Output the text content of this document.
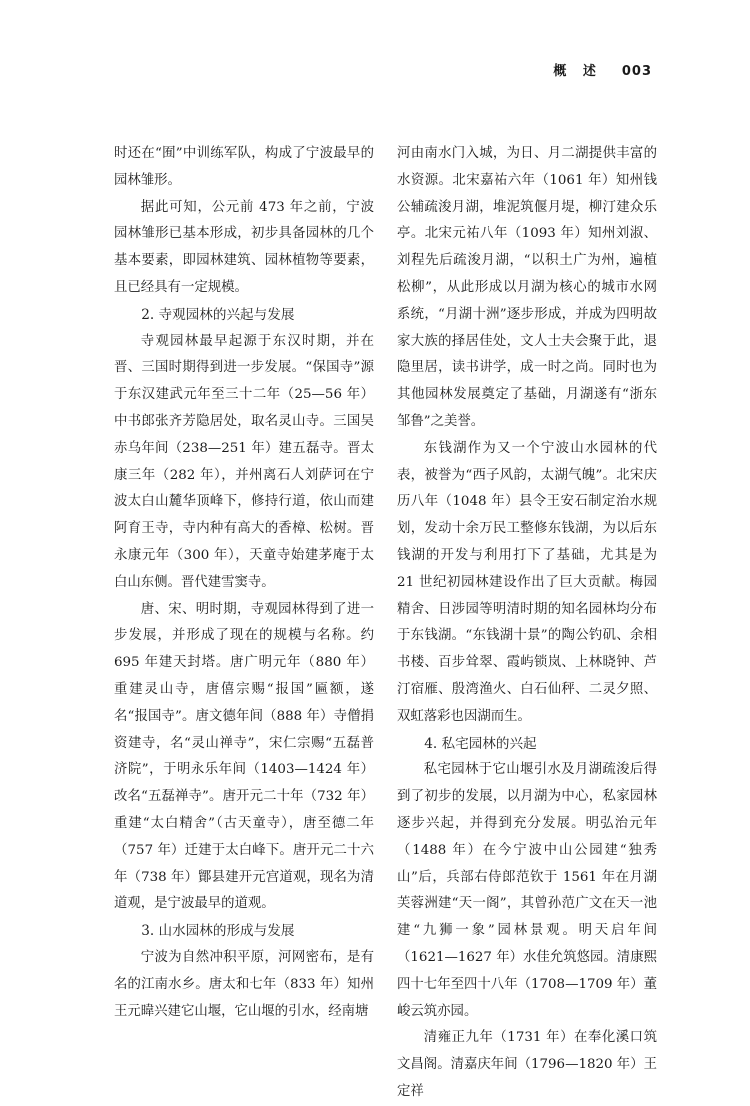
概 述 003

时还在“囿”中训练军队，构成了宁波最早的园林雏形。

据此可知，公元前 473 年之前，宁波园林雏形已基本形成，初步具备园林的几个基本要素，即园林建筑、园林植物等要素，且已经具有一定规模。

2. 寺观园林的兴起与发展

寺观园林最早起源于东汉时期，并在晋、三国时期得到进一步发展。“保国寺”源于东汉建武元年至三十二年（25—56 年）中书郎张齐芳隐居处，取名灵山寺。三国吴赤乌年间（238—251 年）建五磊寺。晋太康三年（282 年），并州离石人刘萨诃在宁波太白山麓华顶峰下，修持行道，依山而建阿育王寺，寺内种有高大的香樟、松树。晋永康元年（300 年），天童寺始建茅庵于太白山东侧。晋代建雪窦寺。

唐、宋、明时期，寺观园林得到了进一步发展，并形成了现在的规模与名称。约 695 年建天封塔。唐广明元年（880 年）重建灵山寺，唐僖宗赐“报国”匾额，遂名“报国寺”。唐文德年间（888 年）寺僧捐资建寺，名“灵山禅寺”，宋仁宗赐“五磊普济院”，于明永乐年间（1403—1424 年）改名“五磊禅寺”。唐开元二十年（732 年）重建“太白精舍”（古天童寺），唐至德二年（757 年）迁建于太白峰下。唐开元二十六年（738 年）鄮县建开元宫道观，现名为清道观，是宁波最早的道观。

3. 山水园林的形成与发展

宁波为自然冲积平原，河网密布，是有名的江南水乡。唐太和七年（833 年）知州王元暐兴建它山堰，它山堰的引水，经南塘

河由南水门入城，为日、月二湖提供丰富的水资源。北宋嘉祐六年（1061 年）知州钱公辅疏浚月湖，堆泥筑偃月堤，柳汀建众乐亭。北宋元祐八年（1093 年）知州刘淑、刘程先后疏浚月湖，“以积土广为州，遍植松柳”，从此形成以月湖为核心的城市水网系统，“月湖十洲”逐步形成，并成为四明故家大族的择居佳处，文人士夫会聚于此，退隐里居，读书讲学，成一时之尚。同时也为其他园林发展奠定了基础，月湖遂有“浙东邹鲁”之美誉。

东钱湖作为又一个宁波山水园林的代表，被誉为“西子风韵，太湖气魄”。北宋庆历八年（1048 年）县令王安石制定治水规划，发动十余万民工整修东钱湖，为以后东钱湖的开发与利用打下了基础，尤其是为 21 世纪初园林建设作出了巨大贡献。梅园精舍、日涉园等明清时期的知名园林均分布于东钱湖。“东钱湖十景”的陶公钓矶、余相书楼、百步耸翠、霞屿锁岚、上林晓钟、芦汀宿雁、殷湾渔火、白石仙秤、二灵夕照、双虹落彩也因湖而生。

4. 私宅园林的兴起

私宅园林于它山堰引水及月湖疏浚后得到了初步的发展，以月湖为中心，私家园林逐步兴起，并得到充分发展。明弘治元年（1488 年）在今宁波中山公园建“独秀山”后，兵部右侍郎范钦于 1561 年在月湖芙蓉洲建“天一阁”，其曾孙范广文在天一池建“九狮一象”园林景观。明天启年间（1621—1627 年）水佳允筑悠园。清康熙四十七年至四十八年（1708—1709 年）董峻云筑亦园。

清雍正九年（1731 年）在奉化溪口筑文昌阁。清嘉庆年间（1796—1820 年）王定祥
